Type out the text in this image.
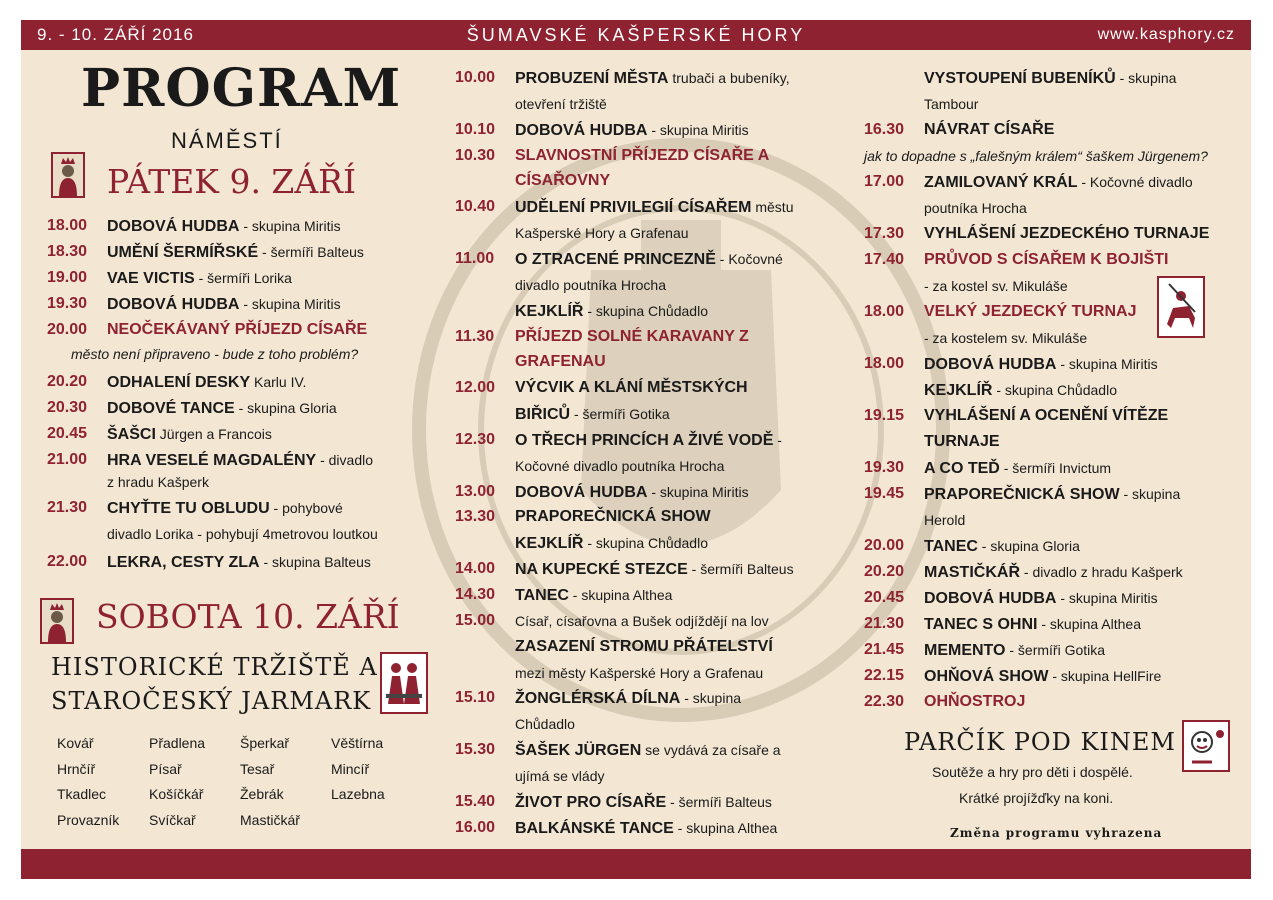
9. - 10. ZÁŘÍ 2016	ŠUMAVSKÉ KAŠPERSKÉ HORY	www.kasphory.cz
PROGRAM
NÁMĚSTÍ
PÁTEK 9. ZÁŘÍ
18.00 DOBOVÁ HUDBA - skupina Miritis
18.30 UMĚNÍ ŠERMÍŘSKÉ - šermíři Balteus
19.00 VAE VICTIS - šermíři Lorika
19.30 DOBOVÁ HUDBA - skupina Miritis
20.00 NEOČEKÁVANÝ PŘÍJEZD CÍSAŘE
20.20 ODHALENÍ DESKY Karlu IV.
20.30 DOBOVÉ TANCE - skupina Gloria
20.45 ŠAŠCI Jürgen a Francois
21.00 HRA VESELÉ MAGDALÉNY - divadlo
z hradu Kašperk
21.30 CHYŤTE TU OBLUDU - pohybové
divadlo Lorika - pohybují 4metrovou loutkou
22.00 LEKRA, CESTY ZLA - skupina Balteus
město není připraveno - bude z toho problém?
SOBOTA 10. ZÁŘÍ
HISTORICKÉ TRŽIŠTĚ A
STAROČESKÝ JARMARK
Kovář
Hrnčíř
Tkadlec
Provazník
Přadlena
Písař
Košíčkář
Svíčkař
Šperkař
Tesař
Žebrák
Mastičkář
Věštírna
Mincíř
Lazebna
10.00 PROBUZENÍ MĚSTA trubači a bubeníky,
otevření tržiště
10.10 DOBOVÁ HUDBA - skupina Miritis
10.30 SLAVNOSTNÍ PŘÍJEZD CÍSAŘE A
CÍSAŘOVNY
10.40 UDĚLENÍ PRIVILEGIÍ CÍSAŘEM městu
Kašperské Hory a Grafenau
11.00 O ZTRACENÉ PRINCEZNĚ - Kočovné
divadlo poutníka Hrocha
KEJKLÍŘ - skupina Chůdadlo
11.30 PŘÍJEZD SOLNÉ KARAVANY Z
GRAFENAU
12.00 VÝCVIK A KLÁNÍ MĚSTSKÝCH
BIŘICŮ - šermíři Gotika
12.30 O TŘECH PRINCÍCH A ŽIVÉ VODĚ -
Kočovné divadlo poutníka Hrocha
13.00 DOBOVÁ HUDBA - skupina Miritis
13.30 PRAPOREČNICKÁ SHOW
KEJKLÍŘ - skupina Chůdadlo
14.00 NA KUPECKÉ STEZCE - šermíři Balteus
14.30 TANEC - skupina Althea
15.00 Císař, císařovna a Bušek odjíždějí na lov
ZASAZENÍ STROMU PŘÁTELSTVÍ
mezi městy Kašperské Hory a Grafenau
15.10 ŽONGLÉRSKÁ DÍLNA - skupina
Chůdadlo
15.30 ŠAŠEK JÜRGEN se vydává za císaře a
ujímá se vlády
15.40 ŽIVOT PRO CÍSAŘE - šermíři Balteus
16.00 BALKÁNSKÉ TANCE - skupina Althea
VYSTOUPENÍ BUBENÍKŮ - skupina
Tambour
16.30 NÁVRAT CÍSAŘE
17.00 ZAMILOVANÝ KRÁL - Kočovné divadlo
poutníka Hrocha
17.30 VYHLÁŠENÍ JEZDECKÉHO TURNAJE
17.40 PRŮVOD S CÍSAŘEM K BOJIŠTI
- za kostel sv. Mikuláše
18.00 VELKÝ JEZDECKÝ TURNAJ
- za kostelem sv. Mikuláše
18.00 DOBOVÁ HUDBA - skupina Miritis
KEJKLÍŘ - skupina Chůdadlo
19.15 VYHLÁŠENÍ A OCENĚNÍ VÍTĚZE
TURNAJE
19.30 A CO TEĎ - šermíři Invictum
19.45 PRAPOREČNICKÁ SHOW - skupina
Herold
20.00 TANEC - skupina Gloria
20.20 MASTIČKÁŘ - divadlo z hradu Kašperk
20.45 DOBOVÁ HUDBA - skupina Miritis
21.30 TANEC S OHNI - skupina Althea
21.45 MEMENTO - šermíři Gotika
22.15 OHŇOVÁ SHOW - skupina HellFire
22.30 OHŇOSTROJ
jak to dopadne s „falešným králem“ šaškem Jürgenem?
PARČÍK POD KINEM
Soutěže a hry pro děti i dospělé.
Krátké projížďky na koni.
Změna programu vyhrazena
